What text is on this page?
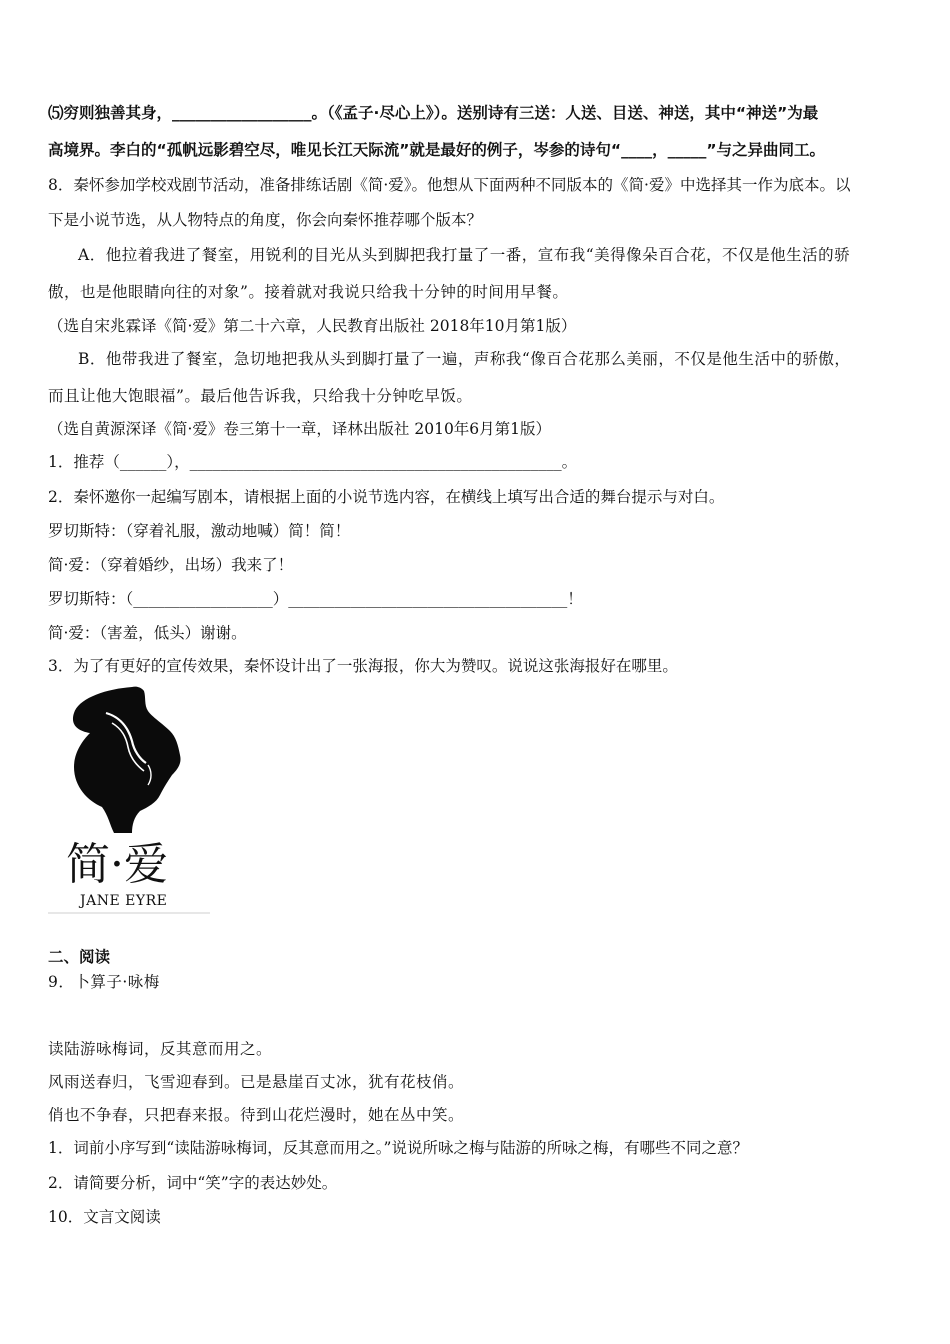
⑸穷则独善其身，__________________。（《孟子·尽心上》）。送别诗有三送：人送、目送、神送，其中“神送”为最
高境界。李白的“孤帆远影碧空尽，唯见长江天际流”就是最好的例子，岑参的诗句“____，_____”与之异曲同工。
8．秦怀参加学校戏剧节活动，准备排练话剧《简·爱》。他想从下面两种不同版本的《简·爱》中选择其一作为底本。以
下是小说节选，从人物特点的角度，你会向秦怀推荐哪个版本？
A．他拉着我进了餐室，用锐利的目光从头到脚把我打量了一番，宣布我“美得像朵百合花，不仅是他生活的骄
傲，也是他眼睛向往的对象”。接着就对我说只给我十分钟的时间用早餐。
（选自宋兆霖译《简·爱》第二十六章，人民教育出版社 2018年10月第1版）
B．他带我进了餐室，急切地把我从头到脚打量了一遍，声称我“像百合花那么美丽，不仅是他生活中的骄傲，
而且让他大饱眼福”。最后他告诉我，只给我十分钟吃早饭。
（选自黄源深译《简·爱》卷三第十一章，译林出版社 2010年6月第1版）
1．推荐（______），________________________________________________。
2．秦怀邀你一起编写剧本，请根据上面的小说节选内容，在横线上填写出合适的舞台提示与对白。
罗切斯特：（穿着礼服，激动地喊）简！简！
简·爱：（穿着婚纱，出场）我来了！
罗切斯特：（__________________）____________________________________！
简·爱：（害羞，低头）谢谢。
3．为了有更好的宣传效果，秦怀设计出了一张海报，你大为赞叹。说说这张海报好在哪里。
简·爱
JANE EYRE
二、阅读
9．卜算子·咏梅
读陆游咏梅词，反其意而用之。
风雨送春归，飞雪迎春到。已是悬崖百丈冰，犹有花枝俏。
俏也不争春，只把春来报。待到山花烂漫时，她在丛中笑。
1．词前小序写到“读陆游咏梅词，反其意而用之。”说说所咏之梅与陆游的所咏之梅，有哪些不同之意？
2．请简要分析，词中“笑”字的表达妙处。
10．文言文阅读
